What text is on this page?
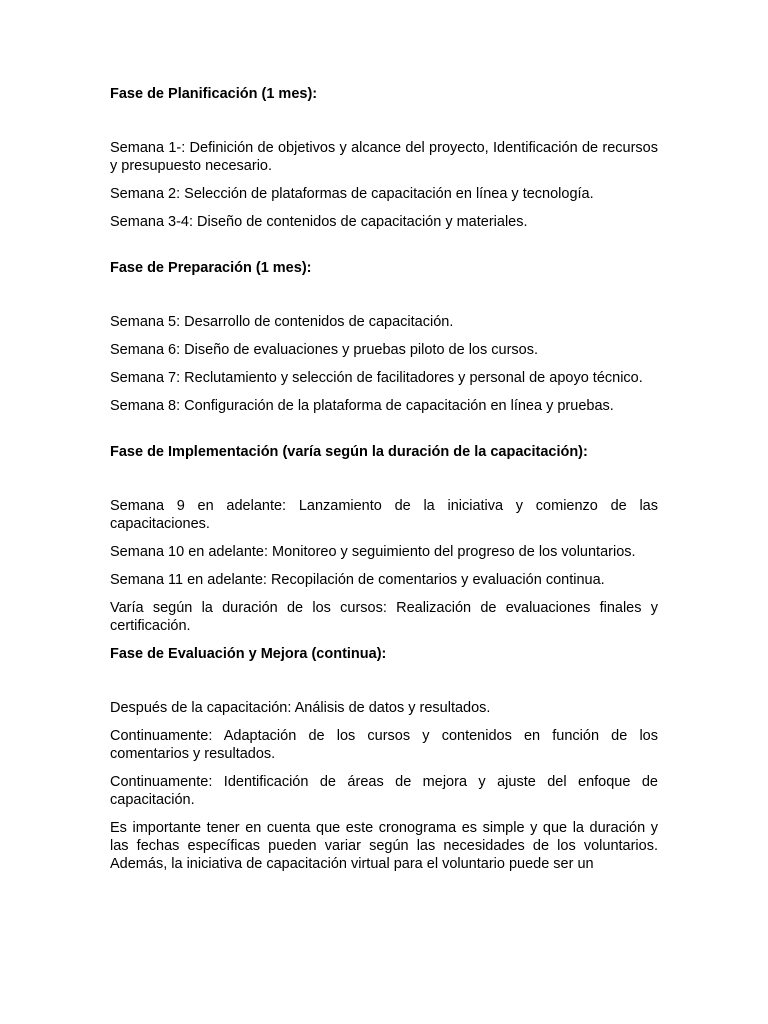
Fase de Planificación (1 mes):

Semana 1-: Definición de objetivos y alcance del proyecto, Identificación de recursos y presupuesto necesario.

Semana 2: Selección de plataformas de capacitación en línea y tecnología.

Semana 3-4: Diseño de contenidos de capacitación y materiales.

Fase de Preparación (1 mes):

Semana 5: Desarrollo de contenidos de capacitación.

Semana 6: Diseño de evaluaciones y pruebas piloto de los cursos.

Semana 7: Reclutamiento y selección de facilitadores y personal de apoyo técnico.

Semana 8: Configuración de la plataforma de capacitación en línea y pruebas.

Fase de Implementación (varía según la duración de la capacitación):

Semana 9 en adelante: Lanzamiento de la iniciativa y comienzo de las capacitaciones.

Semana 10 en adelante: Monitoreo y seguimiento del progreso de los voluntarios.

Semana 11 en adelante: Recopilación de comentarios y evaluación continua.

Varía según la duración de los cursos: Realización de evaluaciones finales y certificación.

Fase de Evaluación y Mejora (continua):

Después de la capacitación: Análisis de datos y resultados.

Continuamente: Adaptación de los cursos y contenidos en función de los comentarios y resultados.

Continuamente: Identificación de áreas de mejora y ajuste del enfoque de capacitación.

Es importante tener en cuenta que este cronograma es simple y que la duración y las fechas específicas pueden variar según las necesidades de los voluntarios. Además, la iniciativa de capacitación virtual para el voluntario puede ser un
